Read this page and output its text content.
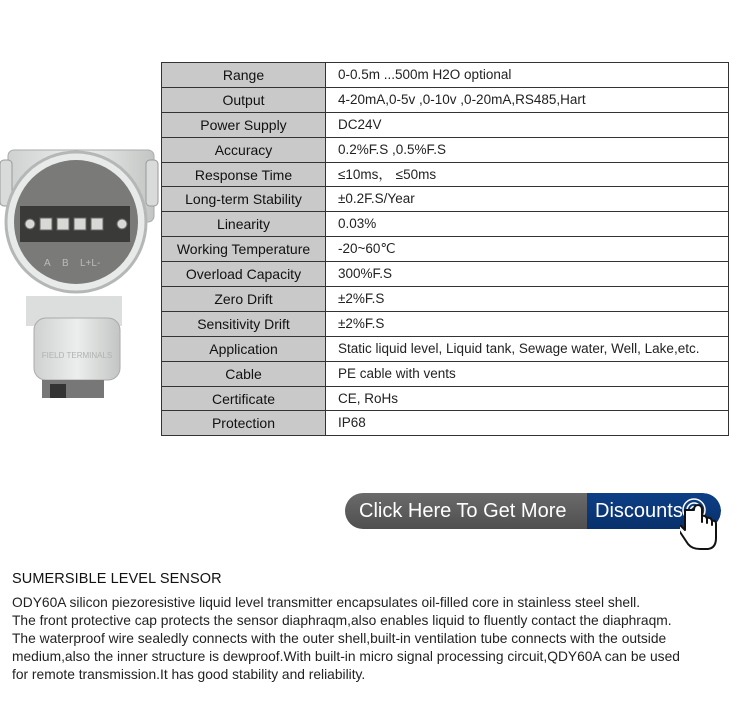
A B L+L-
FIELD TERMINALS
Range	0-0.5m ...500m H2O optional
Output	4-20mA,0-5v ,0-10v ,0-20mA,RS485,Hart
Power Supply	DC24V
Accuracy	0.2%F.S ,0.5%F.S
Response Time	≤10ms， ≤50ms
Long-term Stability	±0.2F.S/Year
Linearity	0.03%
Working Temperature	-20~60℃
Overload Capacity	300%F.S
Zero Drift	±2%F.S
Sensitivity Drift	±2%F.S
Application	Static liquid level, Liquid tank, Sewage water, Well, Lake,etc.
Cable	PE cable with vents
Certificate	CE, RoHs
Protection	IP68
Click Here To Get More	Discounts
SUMERSIBLE LEVEL SENSOR
ODY60A silicon piezoresistive liquid level transmitter encapsulates oil-filled core in stainless steel shell.
The front protective cap protects the sensor diaphraqm,also enables liquid to fluently contact the diaphraqm.
The waterproof wire sealedly connects with the outer shell,built-in ventilation tube connects with the outside
medium,also the inner structure is dewproof.With built-in micro signal processing circuit,QDY60A can be used
for remote transmission.It has good stability and reliability.
